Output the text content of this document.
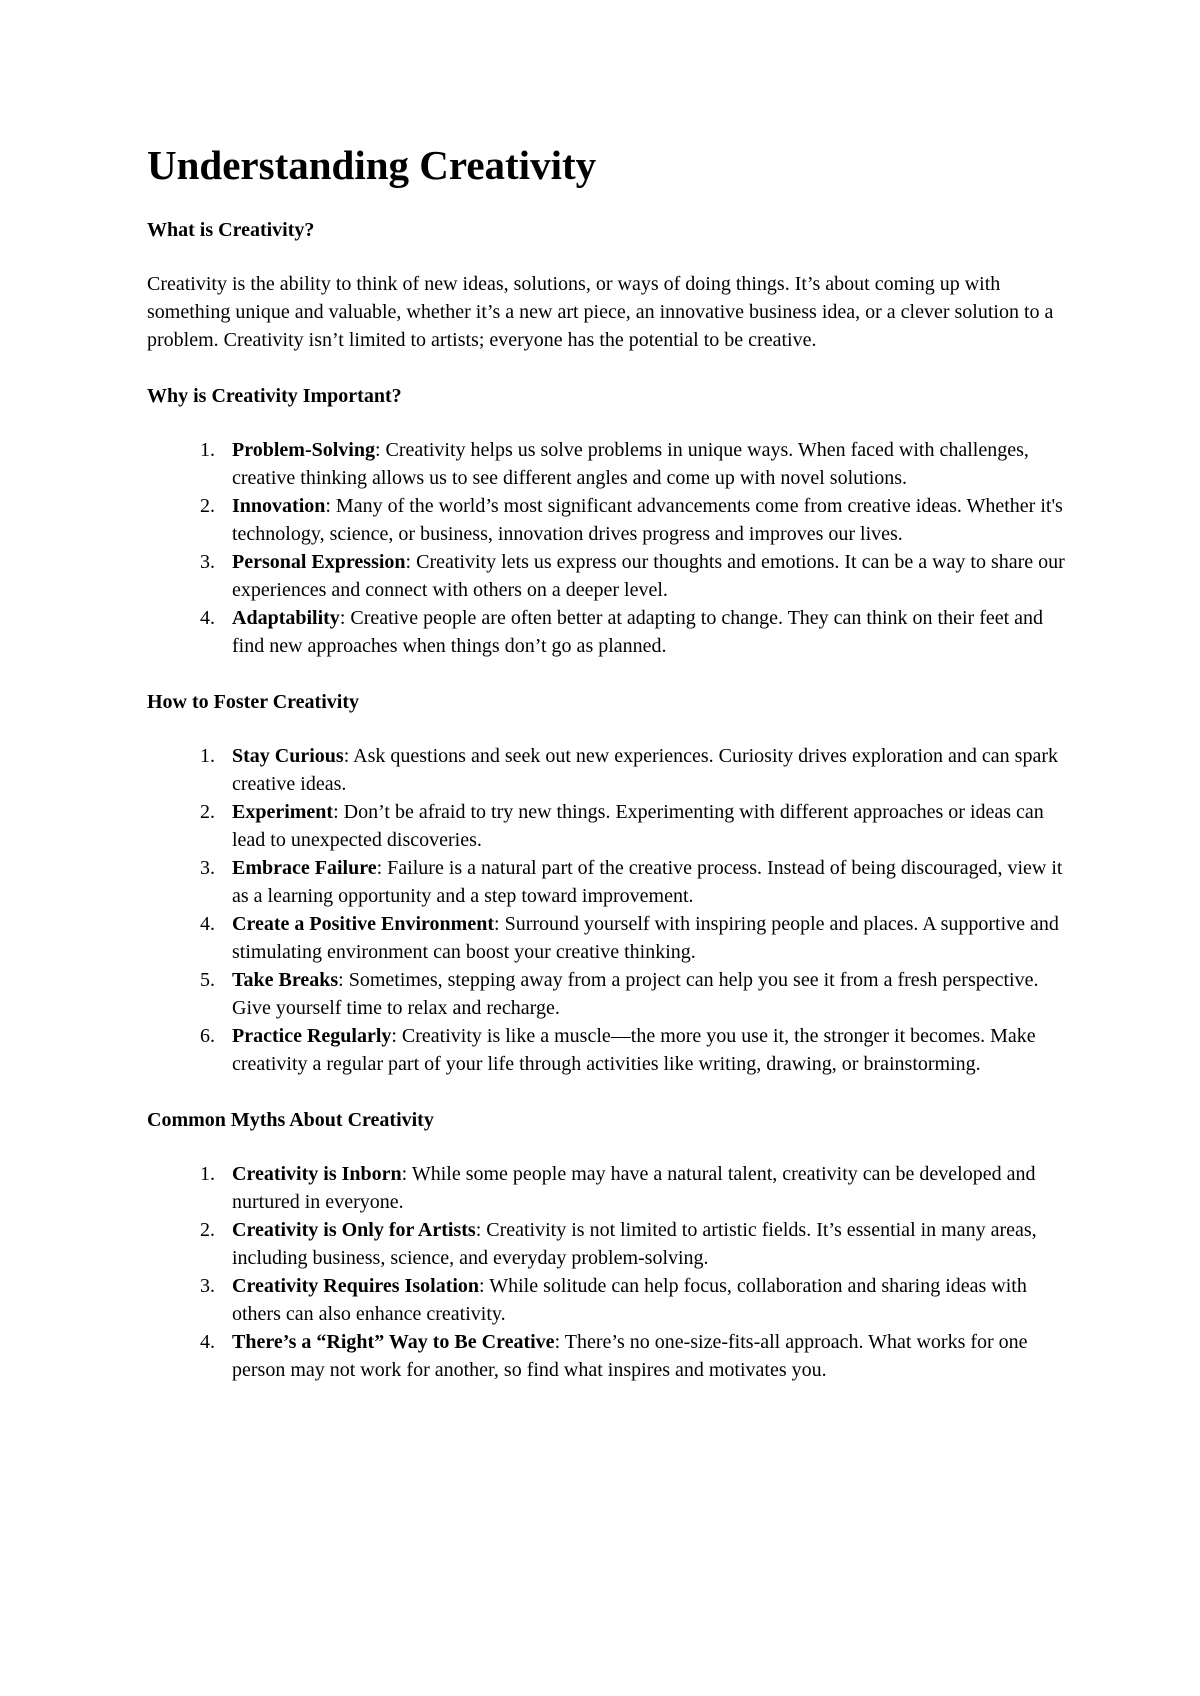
Understanding Creativity
What is Creativity?

Creativity is the ability to think of new ideas, solutions, or ways of doing things. It’s about coming up with something unique and valuable, whether it’s a new art piece, an innovative business idea, or a clever solution to a problem. Creativity isn’t limited to artists; everyone has the potential to be creative.

Why is Creativity Important?
1. Problem-Solving: Creativity helps us solve problems in unique ways. When faced with challenges, creative thinking allows us to see different angles and come up with novel solutions.
2. Innovation: Many of the world’s most significant advancements come from creative ideas. Whether it's technology, science, or business, innovation drives progress and improves our lives.
3. Personal Expression: Creativity lets us express our thoughts and emotions. It can be a way to share our experiences and connect with others on a deeper level.
4. Adaptability: Creative people are often better at adapting to change. They can think on their feet and find new approaches when things don’t go as planned.
How to Foster Creativity
1. Stay Curious: Ask questions and seek out new experiences. Curiosity drives exploration and can spark creative ideas.
2. Experiment: Don’t be afraid to try new things. Experimenting with different approaches or ideas can lead to unexpected discoveries.
3. Embrace Failure: Failure is a natural part of the creative process. Instead of being discouraged, view it as a learning opportunity and a step toward improvement.
4. Create a Positive Environment: Surround yourself with inspiring people and places. A supportive and stimulating environment can boost your creative thinking.
5. Take Breaks: Sometimes, stepping away from a project can help you see it from a fresh perspective. Give yourself time to relax and recharge.
6. Practice Regularly: Creativity is like a muscle—the more you use it, the stronger it becomes. Make creativity a regular part of your life through activities like writing, drawing, or brainstorming.
Common Myths About Creativity
1. Creativity is Inborn: While some people may have a natural talent, creativity can be developed and nurtured in everyone.
2. Creativity is Only for Artists: Creativity is not limited to artistic fields. It’s essential in many areas, including business, science, and everyday problem-solving.
3. Creativity Requires Isolation: While solitude can help focus, collaboration and sharing ideas with others can also enhance creativity.
4. There’s a “Right” Way to Be Creative: There’s no one-size-fits-all approach. What works for one person may not work for another, so find what inspires and motivates you.
